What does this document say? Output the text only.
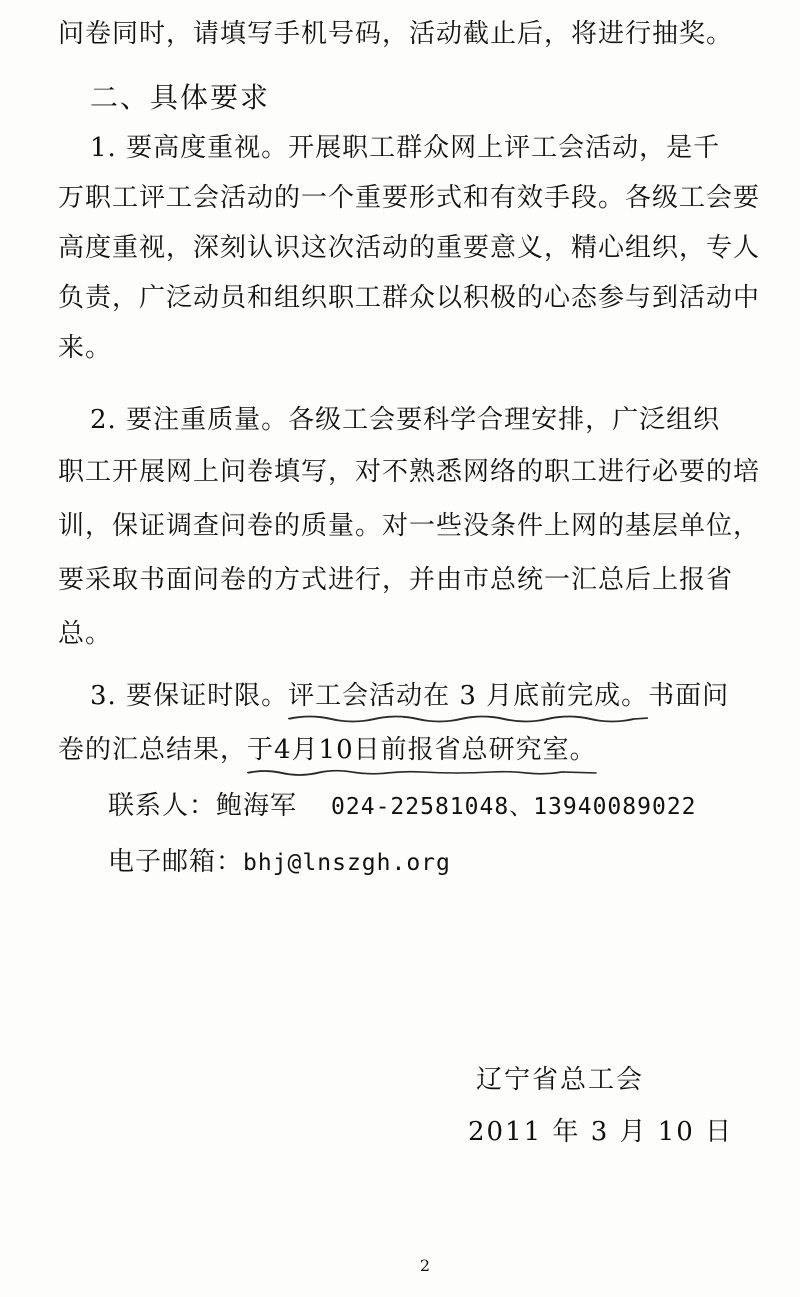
问卷同时，请填写手机号码，活动截止后，将进行抽奖。
二、具体要求
1. 要高度重视。开展职工群众网上评工会活动，是千
万职工评工会活动的一个重要形式和有效手段。各级工会要
高度重视，深刻认识这次活动的重要意义，精心组织，专人
负责，广泛动员和组织职工群众以积极的心态参与到活动中
来。
2. 要注重质量。各级工会要科学合理安排，广泛组织
职工开展网上问卷填写，对不熟悉网络的职工进行必要的培
训，保证调查问卷的质量。对一些没条件上网的基层单位，
要采取书面问卷的方式进行，并由市总统一汇总后上报省
总。
3. 要保证时限。评工会活动在 3 月底前完成。
书面问
卷的汇总结果，于4月10日前报省总研究室。
联系人：鲍海军 024-22581048、13940089022
电子邮箱：bhj@lnszgh.org
辽宁省总工会
2011 年 3 月 10 日
2
